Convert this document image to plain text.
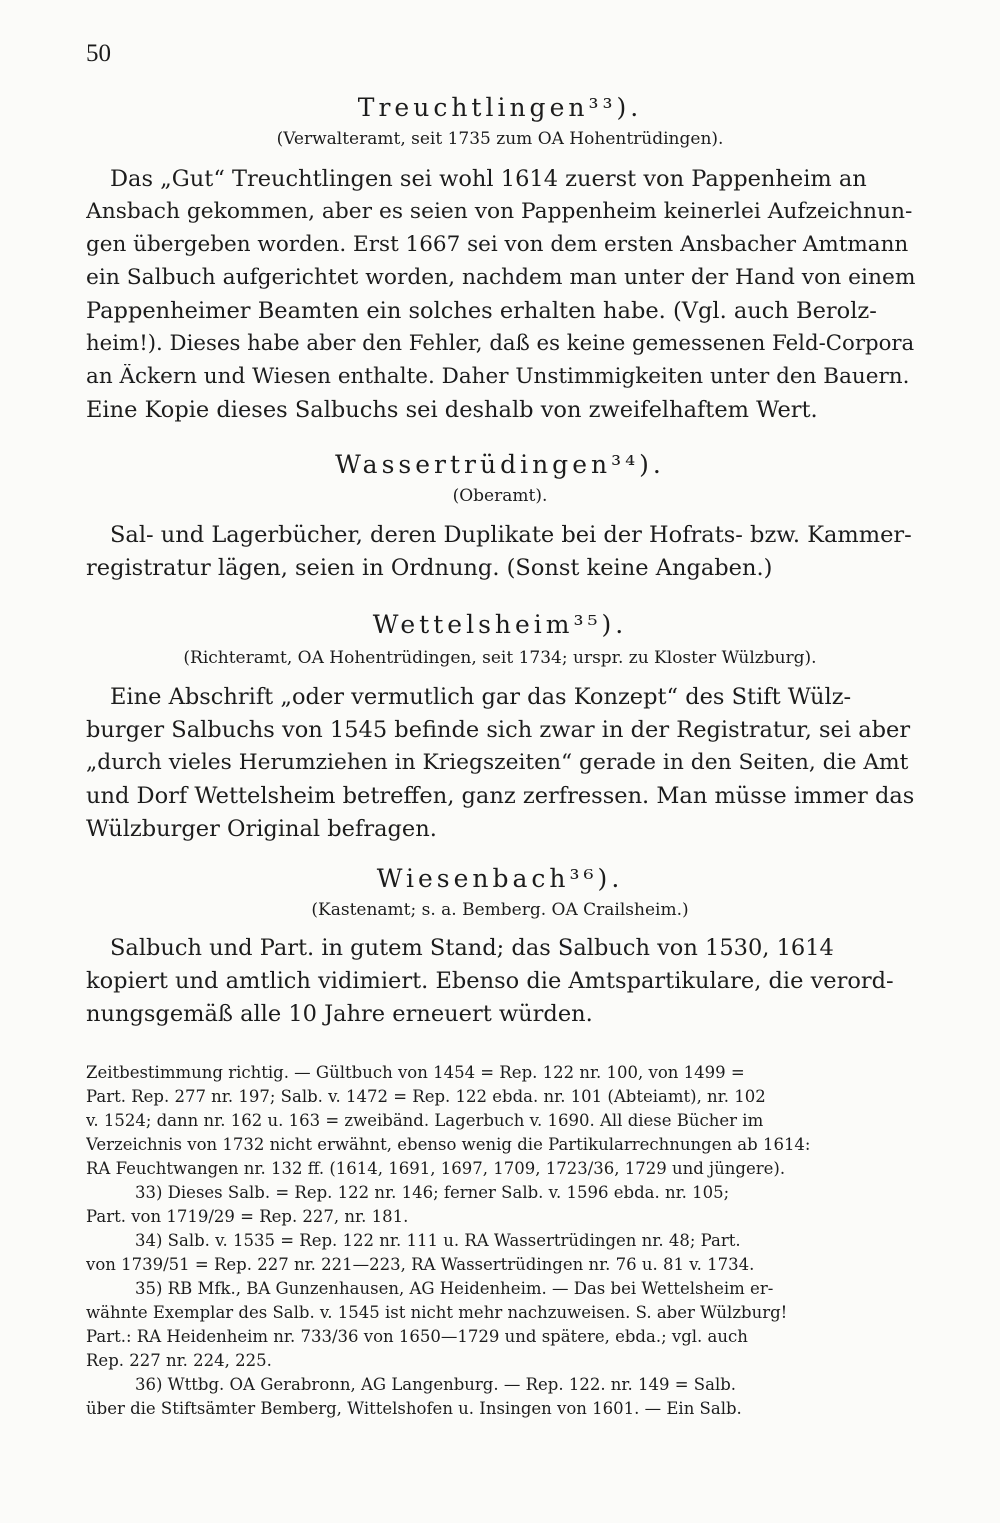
50
Treuchtlingen³³).
(Verwalteramt, seit 1735 zum OA Hohentrüdingen).
Das „Gut“ Treuchtlingen sei wohl 1614 zuerst von Pappenheim an
Ansbach gekommen, aber es seien von Pappenheim keinerlei Aufzeichnun-
gen übergeben worden. Erst 1667 sei von dem ersten Ansbacher Amtmann
ein Salbuch aufgerichtet worden, nachdem man unter der Hand von einem
Pappenheimer Beamten ein solches erhalten habe. (Vgl. auch Berolz-
heim!). Dieses habe aber den Fehler, daß es keine gemessenen Feld-Corpora
an Äckern und Wiesen enthalte. Daher Unstimmigkeiten unter den Bauern.
Eine Kopie dieses Salbuchs sei deshalb von zweifelhaftem Wert.
Wassertrüdingen³⁴).
(Oberamt).
Sal- und Lagerbücher, deren Duplikate bei der Hofrats- bzw. Kammer-
registratur lägen, seien in Ordnung. (Sonst keine Angaben.)
Wettelsheim³⁵).
(Richteramt, OA Hohentrüdingen, seit 1734; urspr. zu Kloster Wülzburg).
Eine Abschrift „oder vermutlich gar das Konzept“ des Stift Wülz-
burger Salbuchs von 1545 befinde sich zwar in der Registratur, sei aber
„durch vieles Herumziehen in Kriegszeiten“ gerade in den Seiten, die Amt
und Dorf Wettelsheim betreffen, ganz zerfressen. Man müsse immer das
Wülzburger Original befragen.
Wiesenbach³⁶).
(Kastenamt; s. a. Bemberg. OA Crailsheim.)
Salbuch und Part. in gutem Stand; das Salbuch von 1530, 1614
kopiert und amtlich vidimiert. Ebenso die Amtspartikulare, die verord-
nungsgemäß alle 10 Jahre erneuert würden.
Zeitbestimmung richtig. — Gültbuch von 1454 = Rep. 122 nr. 100, von 1499 =
Part. Rep. 277 nr. 197; Salb. v. 1472 = Rep. 122 ebda. nr. 101 (Abteiamt), nr. 102
v. 1524; dann nr. 162 u. 163 = zweibänd. Lagerbuch v. 1690. All diese Bücher im
Verzeichnis von 1732 nicht erwähnt, ebenso wenig die Partikularrechnungen ab 1614:
RA Feuchtwangen nr. 132 ff. (1614, 1691, 1697, 1709, 1723/36, 1729 und jüngere).
33) Dieses Salb. = Rep. 122 nr. 146; ferner Salb. v. 1596 ebda. nr. 105;
Part. von 1719/29 = Rep. 227, nr. 181.
34) Salb. v. 1535 = Rep. 122 nr. 111 u. RA Wassertrüdingen nr. 48; Part.
von 1739/51 = Rep. 227 nr. 221—223, RA Wassertrüdingen nr. 76 u. 81 v. 1734.
35) RB Mfk., BA Gunzenhausen, AG Heidenheim. — Das bei Wettelsheim er-
wähnte Exemplar des Salb. v. 1545 ist nicht mehr nachzuweisen. S. aber Wülzburg!
Part.: RA Heidenheim nr. 733/36 von 1650—1729 und spätere, ebda.; vgl. auch
Rep. 227 nr. 224, 225.
36) Wttbg. OA Gerabronn, AG Langenburg. — Rep. 122. nr. 149 = Salb.
über die Stiftsämter Bemberg, Wittelshofen u. Insingen von 1601. — Ein Salb.
